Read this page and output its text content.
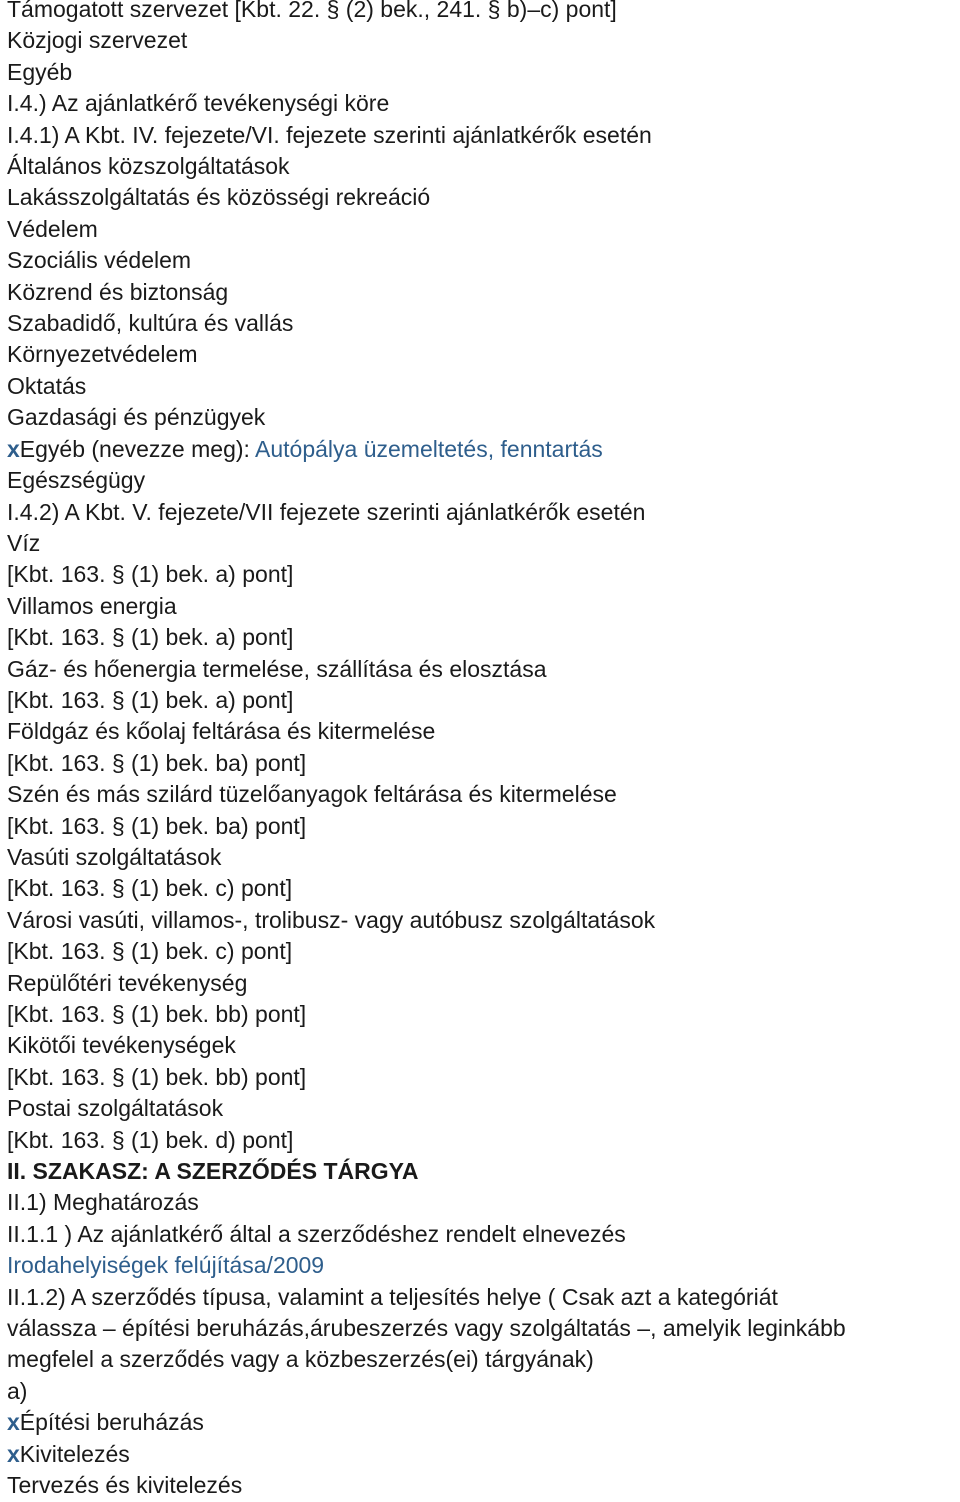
Támogatott szervezet [Kbt. 22. § (2) bek., 241. § b)–c) pont]
Közjogi szervezet
Egyéb
I.4.) Az ajánlatkérő tevékenységi köre
I.4.1) A Kbt. IV. fejezete/VI. fejezete szerinti ajánlatkérők esetén
Általános közszolgáltatások
Lakásszolgáltatás és közösségi rekreáció
Védelem
Szociális védelem
Közrend és biztonság
Szabadidő, kultúra és vallás
Környezetvédelem
Oktatás
Gazdasági és pénzügyek
xEgyéb (nevezze meg): Autópálya üzemeltetés, fenntartás
Egészségügy
I.4.2) A Kbt. V. fejezete/VII fejezete szerinti ajánlatkérők esetén
Víz
[Kbt. 163. § (1) bek. a) pont]
Villamos energia
[Kbt. 163. § (1) bek. a) pont]
Gáz- és hőenergia termelése, szállítása és elosztása
[Kbt. 163. § (1) bek. a) pont]
Földgáz és kőolaj feltárása és kitermelése
[Kbt. 163. § (1) bek. ba) pont]
Szén és más szilárd tüzelőanyagok feltárása és kitermelése
[Kbt. 163. § (1) bek. ba) pont]
Vasúti szolgáltatások
[Kbt. 163. § (1) bek. c) pont]
Városi vasúti, villamos-, trolibusz- vagy autóbusz szolgáltatások
[Kbt. 163. § (1) bek. c) pont]
Repülőtéri tevékenység
[Kbt. 163. § (1) bek. bb) pont]
Kikötői tevékenységek
[Kbt. 163. § (1) bek. bb) pont]
Postai szolgáltatások
[Kbt. 163. § (1) bek. d) pont]
II. SZAKASZ: A SZERZŐDÉS TÁRGYA
II.1) Meghatározás
II.1.1 ) Az ajánlatkérő által a szerződéshez rendelt elnevezés
Irodahelyiségek felújítása/2009
II.1.2) A szerződés típusa, valamint a teljesítés helye ( Csak azt a kategóriát
válassza – építési beruházás,árubeszerzés vagy szolgáltatás –, amelyik leginkább
megfelel a szerződés vagy a közbeszerzés(ei) tárgyának)
a)
xÉpítési beruházás
xKivitelezés
Tervezés és kivitelezés
